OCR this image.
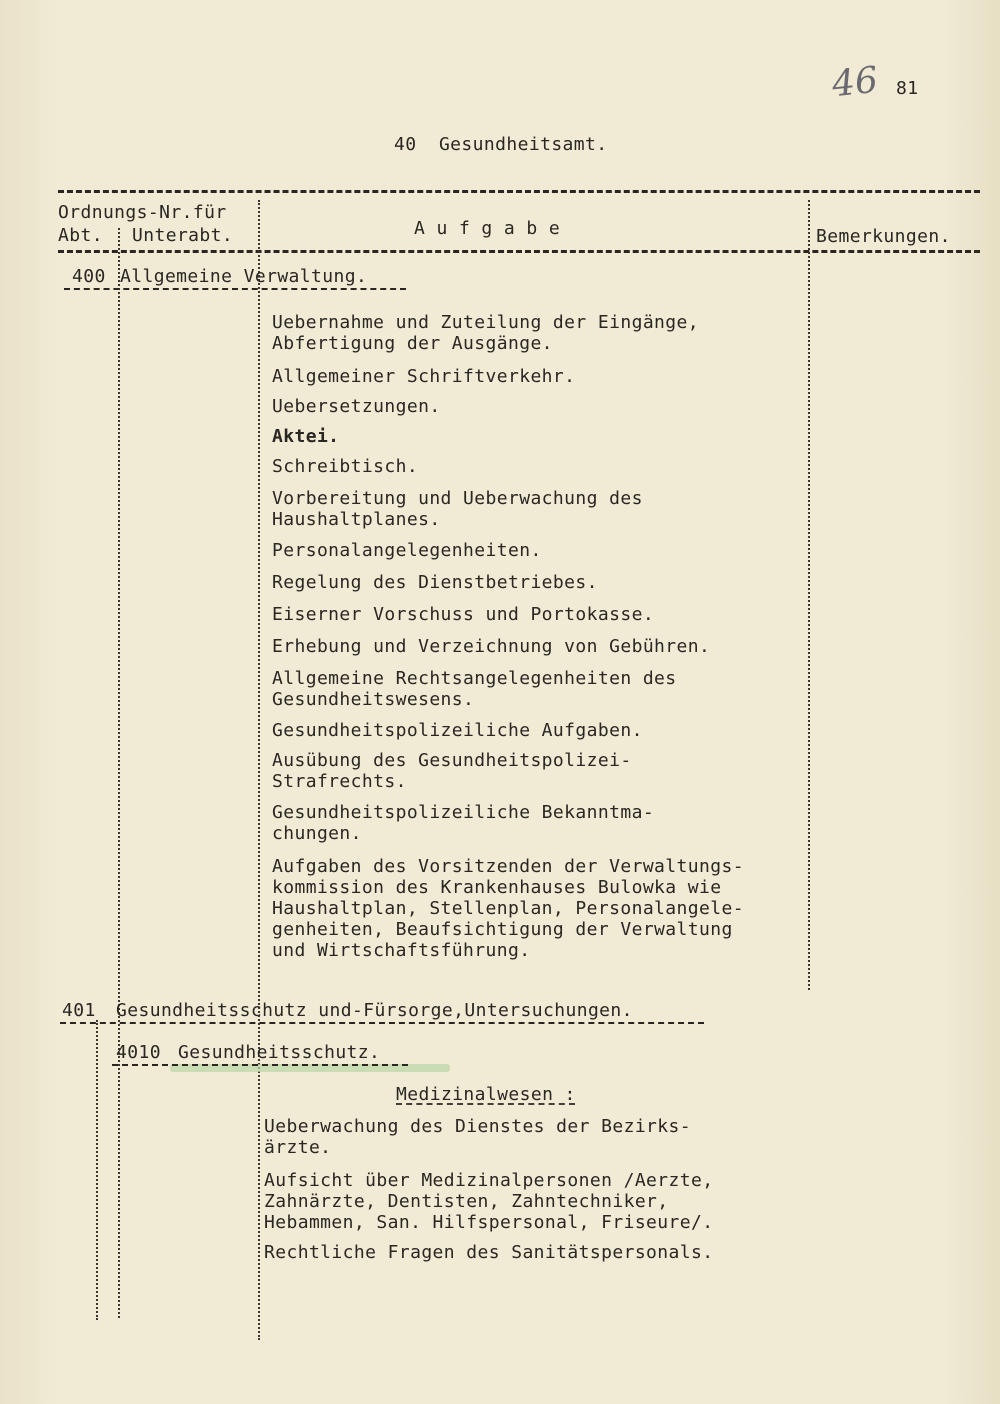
46 81
40  Gesundheitsamt.
Ordnungs-Nr.für
Abt. Unterabt.	A u f g a b e	Bemerkungen.
400 Allgemeine Verwaltung.
Uebernahme und Zuteilung der Eingänge,
Abfertigung der Ausgänge.
Allgemeiner Schriftverkehr.
Uebersetzungen.
Aktei.
Schreibtisch.
Vorbereitung und Ueberwachung des
Haushaltplanes.
Personalangelegenheiten.
Regelung des Dienstbetriebes.
Eiserner Vorschuss und Portokasse.
Erhebung und Verzeichnung von Gebühren.
Allgemeine Rechtsangelegenheiten des
Gesundheitswesens.
Gesundheitspolizeiliche Aufgaben.
Ausübung des Gesundheitspolizei-
Strafrechts.
Gesundheitspolizeiliche Bekanntma-
chungen.
Aufgaben des Vorsitzenden der Verwaltungs-
kommission des Krankenhauses Bulowka wie
Haushaltplan, Stellenplan, Personalangele-
genheiten, Beaufsichtigung der Verwaltung
und Wirtschaftsführung.
401 Gesundheitsschutz und-Fürsorge,Untersuchungen.
4010 Gesundheitsschutz.
Medizinalwesen :
Ueberwachung des Dienstes der Bezirks-
ärzte.
Aufsicht über Medizinalpersonen /Aerzte,
Zahnärzte, Dentisten, Zahntechniker,
Hebammen, San. Hilfspersonal, Friseure/.
Rechtliche Fragen des Sanitätspersonals.
